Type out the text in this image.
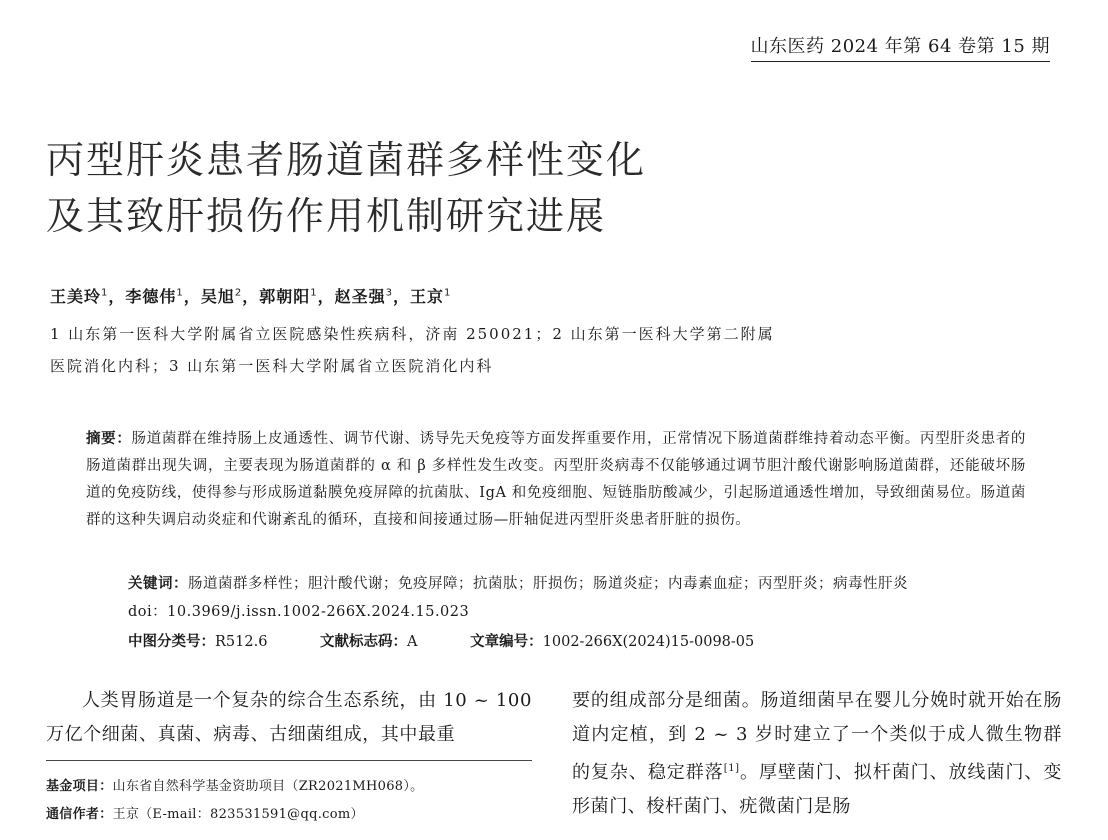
山东医药 2024 年第 64 卷第 15 期
丙型肝炎患者肠道菌群多样性变化
及其致肝损伤作用机制研究进展
王美玲$^1$，李德伟$^1$，吴旭$^2$，郭朝阳$^1$，赵圣强$^3$，王京$^1$
1 山东第一医科大学附属省立医院感染性疾病科，济南 250021；2 山东第一医科大学第二附属
医院消化内科；3 山东第一医科大学附属省立医院消化内科
摘要：肠道菌群在维持肠上皮通透性、调节代谢、诱导先天免疫等方面发挥重要作用，正常情况下肠道菌群维持着动态平衡。丙型肝炎患者的肠道菌群出现失调，主要表现为肠道菌群的 α 和 β 多样性发生改变。丙型肝炎病毒不仅能够通过调节胆汁酸代谢影响肠道菌群，还能破坏肠道的免疫防线，使得参与形成肠道黏膜免疫屏障的抗菌肽、IgA 和免疫细胞、短链脂肪酸减少，引起肠道通透性增加，导致细菌易位。肠道菌群的这种失调启动炎症和代谢紊乱的循环，直接和间接通过肠—肝轴促进丙型肝炎患者肝脏的损伤。
关键词：肠道菌群多样性；胆汁酸代谢；免疫屏障；抗菌肽；肝损伤；肠道炎症；内毒素血症；丙型肝炎；病毒性肝炎
doi：10.3969/j.issn.1002-266X.2024.15.023
中图分类号：R512.6	文献标志码：A	文章编号：1002-266X(2024)15-0098-05
人类胃肠道是一个复杂的综合生态系统，由 10 ~ 100 万亿个细菌、真菌、病毒、古细菌组成，其中最重
要的组成部分是细菌。肠道细菌早在婴儿分娩时就开始在肠道内定植，到 2 ~ 3 岁时建立了一个类似于成人微生物群的复杂、稳定群落[1]。厚壁菌门、拟杆菌门、放线菌门、变形菌门、梭杆菌门、疣微菌门是肠
基金项目：山东省自然科学基金资助项目（ZR2021MH068）。
通信作者：王京（E-mail：823531591@qq.com）
